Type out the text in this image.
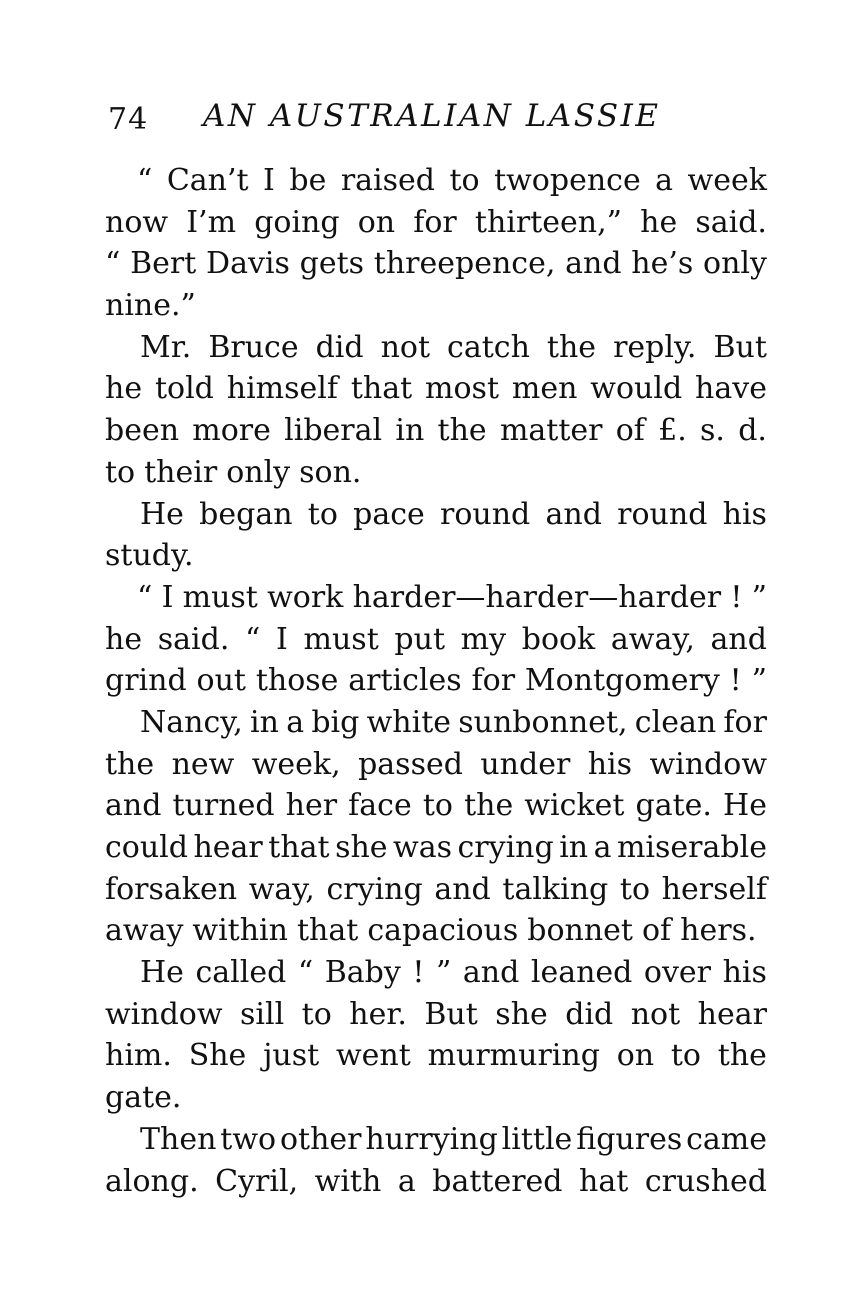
74 AN AUSTRALIAN LASSIE
“ Can’t I be raised to twopence a week
now I’m going on for thirteen,” he said.
“ Bert Davis gets threepence, and he’s only
nine.”
Mr. Bruce did not catch the reply. But
he told himself that most men would have
been more liberal in the matter of £. s. d.
to their only son.
He began to pace round and round his
study.
“ I must work harder—harder—harder ! ”
he said. “ I must put my book away, and
grind out those articles for Montgomery ! ”
Nancy, in a big white sunbonnet, clean for
the new week, passed under his window
and turned her face to the wicket gate. He
could hear that she was crying in a miserable
forsaken way, crying and talking to herself
away within that capacious bonnet of hers.
He called “ Baby ! ” and leaned over his
window sill to her. But she did not hear
him. She just went murmuring on to the
gate.
Then two other hurrying little figures came
along. Cyril, with a battered hat crushed
